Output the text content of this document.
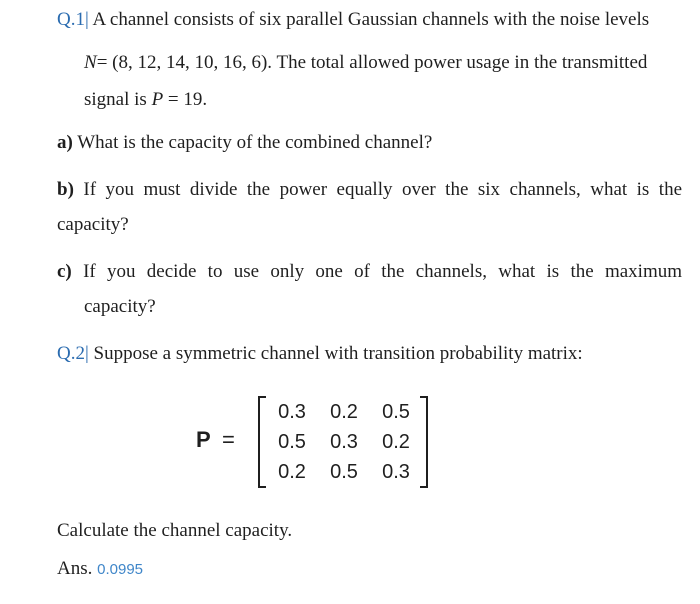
Q.1| A channel consists of six parallel Gaussian channels with the noise levels
N= (8, 12, 14, 10, 16, 6). The total allowed power usage in the transmitted
signal is P = 19.
a) What is the capacity of the combined channel?
b) If you must divide the power equally over the six channels, what is the
capacity?
c) If you decide to use only one of the channels, what is the maximum
capacity?
Q.2| Suppose a symmetric channel with transition probability matrix:
P =
0.3	0.2	0.5
0.5	0.3	0.2
0.2	0.5	0.3
Calculate the channel capacity.
Ans. 0.0995
